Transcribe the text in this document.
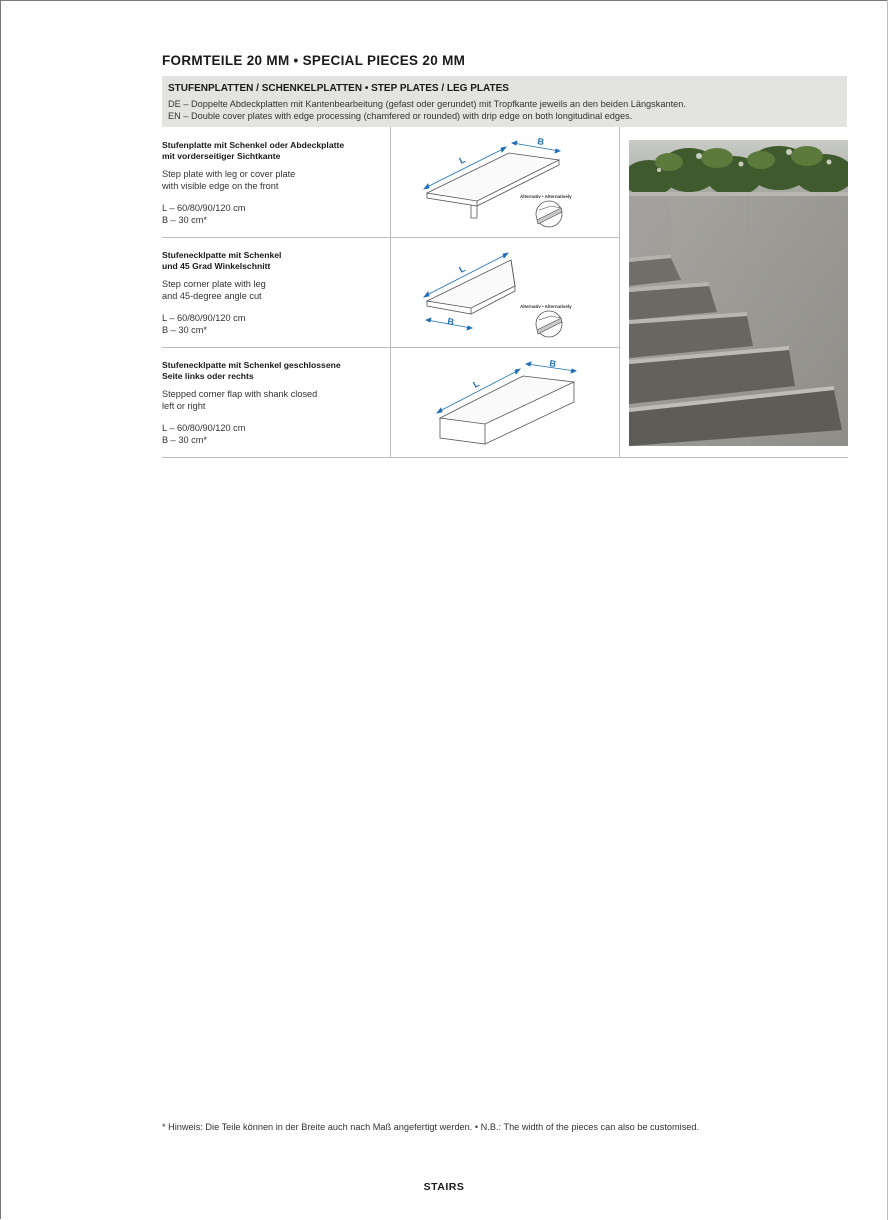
FORMTEILE 20 MM • SPECIAL PIECES 20 MM
STUFENPLATTEN / SCHENKELPLATTEN • STEP PLATES / LEG PLATES
DE – Doppelte Abdeckplatten mit Kantenbearbeitung (gefast oder gerundet) mit Tropfkante jeweils an den beiden Längskanten.
EN – Double cover plates with edge processing (chamfered or rounded) with drip edge on both longitudinal edges.
Stufenplatte mit Schenkel oder Abdeckplatte
mit vorderseitiger Sichtkante
Step plate with leg or cover plate
with visible edge on the front
L – 60/80/90/120 cm
B – 30 cm*
L
B
Alternativ • Alternatively
Stufenecklpatte mit Schenkel
und 45 Grad Winkelschnitt
Step corner plate with leg
and 45-degree angle cut
L – 60/80/90/120 cm
B – 30 cm*
L
B
Alternativ • Alternatively
Stufenecklpatte mit Schenkel geschlossene
Seite links oder rechts
Stepped corner flap with shank closed
left or right
L – 60/80/90/120 cm
B – 30 cm*
L
B
* Hinweis: Die Teile können in der Breite auch nach Maß angefertigt werden. • N.B.: The width of the pieces can also be customised.
STAIRS
